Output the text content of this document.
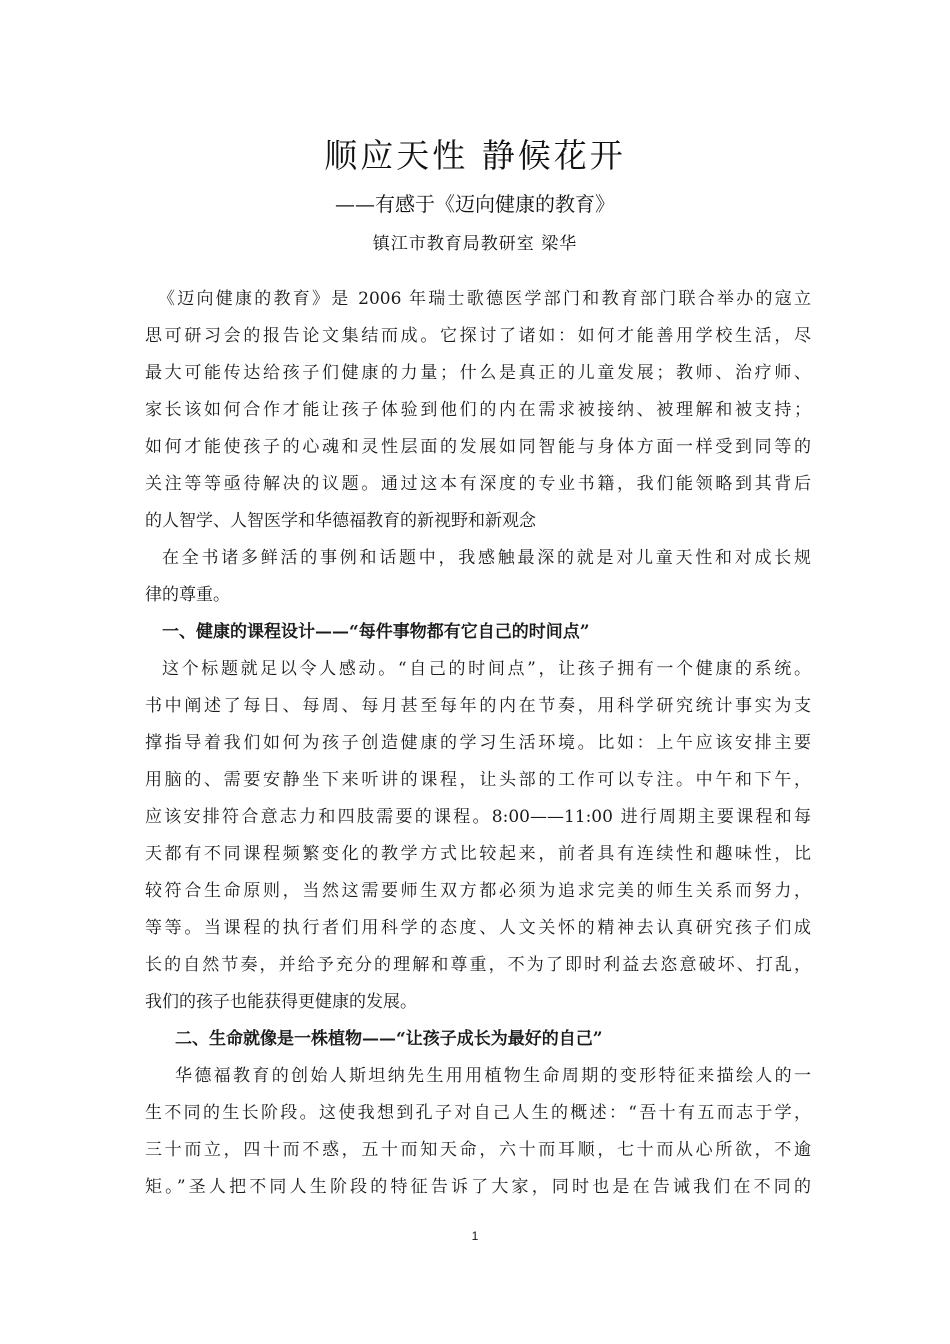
顺应天性 静候花开
——有感于《迈向健康的教育》
镇江市教育局教研室 梁华

《迈向健康的教育》是 2006 年瑞士歌德医学部门和教育部门联合举办的寇立

思可研习会的报告论文集结而成。它探讨了诸如：如何才能善用学校生活，尽

最大可能传达给孩子们健康的力量；什么是真正的儿童发展；教师、治疗师、

家长该如何合作才能让孩子体验到他们的内在需求被接纳、被理解和被支持；

如何才能使孩子的心魂和灵性层面的发展如同智能与身体方面一样受到同等的

关注等等亟待解决的议题。通过这本有深度的专业书籍，我们能领略到其背后

的人智学、人智医学和华德福教育的新视野和新观念

在全书诸多鲜活的事例和话题中，我感触最深的就是对儿童天性和对成长规

律的尊重。

一、健康的课程设计——“每件事物都有它自己的时间点”

这个标题就足以令人感动。“自己的时间点”，让孩子拥有一个健康的系统。

书中阐述了每日、每周、每月甚至每年的内在节奏，用科学研究统计事实为支

撑指导着我们如何为孩子创造健康的学习生活环境。比如：上午应该安排主要

用脑的、需要安静坐下来听讲的课程，让头部的工作可以专注。中午和下午，

应该安排符合意志力和四肢需要的课程。8:00——11:00 进行周期主要课程和每

天都有不同课程频繁变化的教学方式比较起来，前者具有连续性和趣味性，比

较符合生命原则，当然这需要师生双方都必须为追求完美的师生关系而努力，

等等。当课程的执行者们用科学的态度、人文关怀的精神去认真研究孩子们成

长的自然节奏，并给予充分的理解和尊重，不为了即时利益去恣意破坏、打乱，

我们的孩子也能获得更健康的发展。

二、生命就像是一株植物——“让孩子成长为最好的自己”

华德福教育的创始人斯坦纳先生用用植物生命周期的变形特征来描绘人的一

生不同的生长阶段。这使我想到孔子对自己人生的概述：“吾十有五而志于学，

三十而立，四十而不惑，五十而知天命，六十而耳顺，七十而从心所欲，不逾

矩。”圣人把不同人生阶段的特征告诉了大家，同时也是在告诫我们在不同的

1
